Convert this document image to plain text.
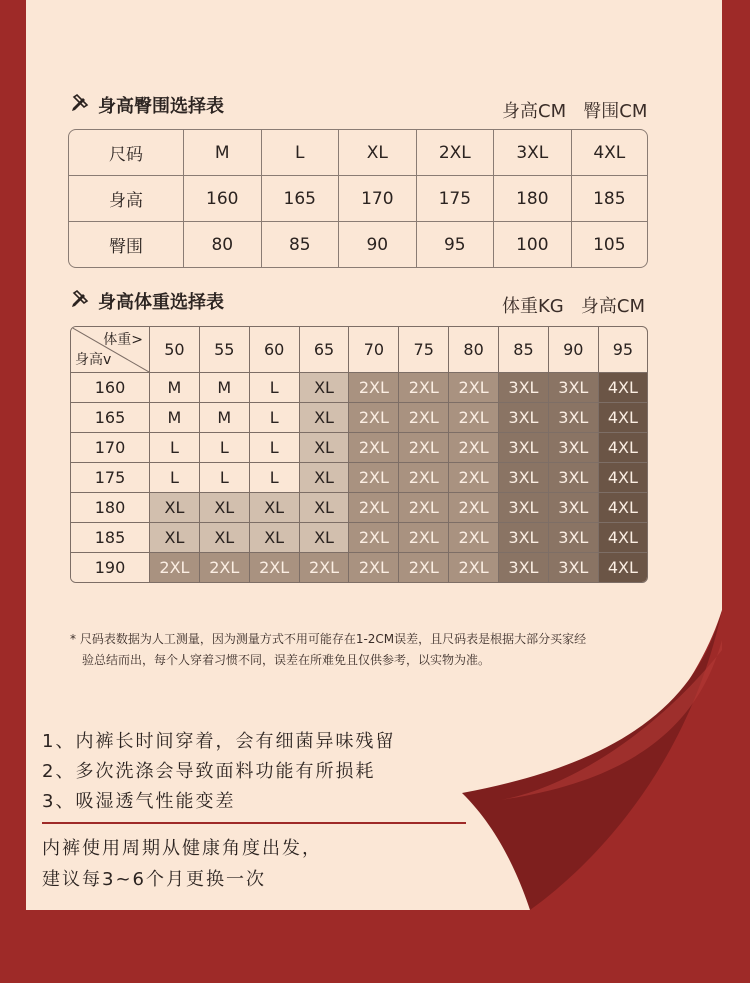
身高臀围选择表	身高CM   臀围CM
尺码	M	L	XL	2XL	3XL	4XL
身高	160	165	170	175	180	185
臀围	80	85	90	95	100	105
身高体重选择表	体重KG   身高CM
体重>
身高v	50	55	60	65	70	75	80	85	90	95
160	M	M	L	XL	2XL	2XL	2XL	3XL	3XL	4XL
165	M	M	L	XL	2XL	2XL	2XL	3XL	3XL	4XL
170	L	L	L	XL	2XL	2XL	2XL	3XL	3XL	4XL
175	L	L	L	XL	2XL	2XL	2XL	3XL	3XL	4XL
180	XL	XL	XL	XL	2XL	2XL	2XL	3XL	3XL	4XL
185	XL	XL	XL	XL	2XL	2XL	2XL	3XL	3XL	4XL
190	2XL	2XL	2XL	2XL	2XL	2XL	2XL	3XL	3XL	4XL
* 尺码表数据为人工测量，因为测量方式不用可能存在1-2CM误差，且尺码表是根据大部分买家经
验总结而出，每个人穿着习惯不同，误差在所难免且仅供参考，以实物为准。
1、内裤长时间穿着，会有细菌异味残留
2、多次洗涤会导致面料功能有所损耗
3、吸湿透气性能变差
内裤使用周期从健康角度出发，
建议每3~6个月更换一次
